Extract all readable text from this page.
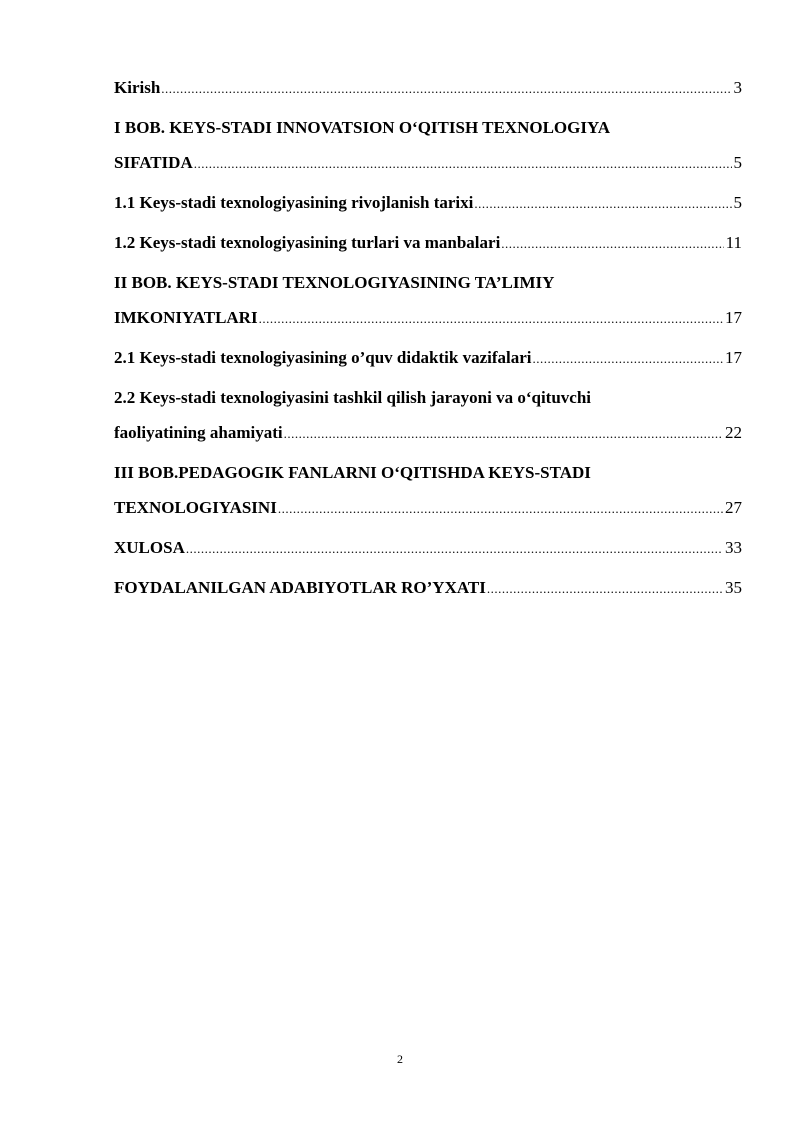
Kirish .....	3
I BOB. KEYS-STADI INNOVATSION O‘QITISH TEXNOLOGIYA
SIFATIDA .....	5
1.1 Keys-stadi texnologiyasining rivojlanish tarixi .....	5
1.2 Keys-stadi texnologiyasining turlari va manbalari .....	11
II BOB. KEYS-STADI TEXNOLOGIYASINING TA’LIMIY
IMKONIYATLARI .....	17
2.1 Keys-stadi texnologiyasining o’quv didaktik vazifalari .....	17
2.2 Keys-stadi texnologiyasini tashkil qilish jarayoni va o‘qituvchi
faoliyatining ahamiyati .....	22
III BOB.PEDAGOGIK FANLARNI O‘QITISHDA KEYS-STADI
TEXNOLOGIYASINI .....	27
XULOSA .....	33
FOYDALANILGAN ADABIYOTLAR RO’YXATI .....	35
2
